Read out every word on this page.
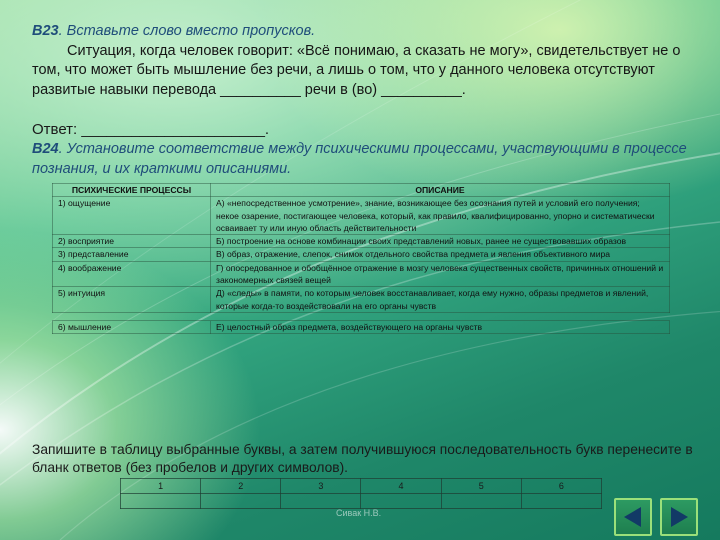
В23. Вставьте слово вместо пропусков.
Ситуация, когда человек говорит: «Всё понимаю, а сказать не могу», свидетельствует не о том, что может быть мышление без речи, а лишь о том, что у данного человека отсутствуют развитые навыки перевода __________ речи в (во) __________.
Ответ: ______________________.
В24. Установите соответствие между психическими процессами, участвующими в процессе познания, и их краткими описаниями.
ПСИХИЧЕСКИЕ ПРОЦЕССЫ	ОПИСАНИЕ
1) ощущение	А) «непосредственное усмотрение», знание, возникающее без осознания путей и условий его получения; некое озарение, постигающее человека, который, как правило, квалифицированно, упорно и систематически осваивает ту или иную область действительности
2) восприятие	Б) построение на основе комбинации своих представлений новых, ранее не существовавших образов
3) представление	В) образ, отражение, слепок, снимок отдельного свойства предмета и явления объективного мира
4) воображение	Г) опосредованное и обобщённое отражение в мозгу человека существенных свойств, причинных отношений и закономерных связей вещей
5) интуиция	Д) «следы» в памяти, по которым человек восстанавливает, когда ему нужно, образы предметов и явлений, которые когда-то воздействовали на его органы чувств

6) мышление	Е) целостный образ предмета, воздействующего на органы чувств
Запишите в таблицу выбранные буквы, а затем получившуюся последовательность букв перенесите в бланк ответов (без пробелов и других символов).
1	2	3	4	5	6

Сивак Н.В.
